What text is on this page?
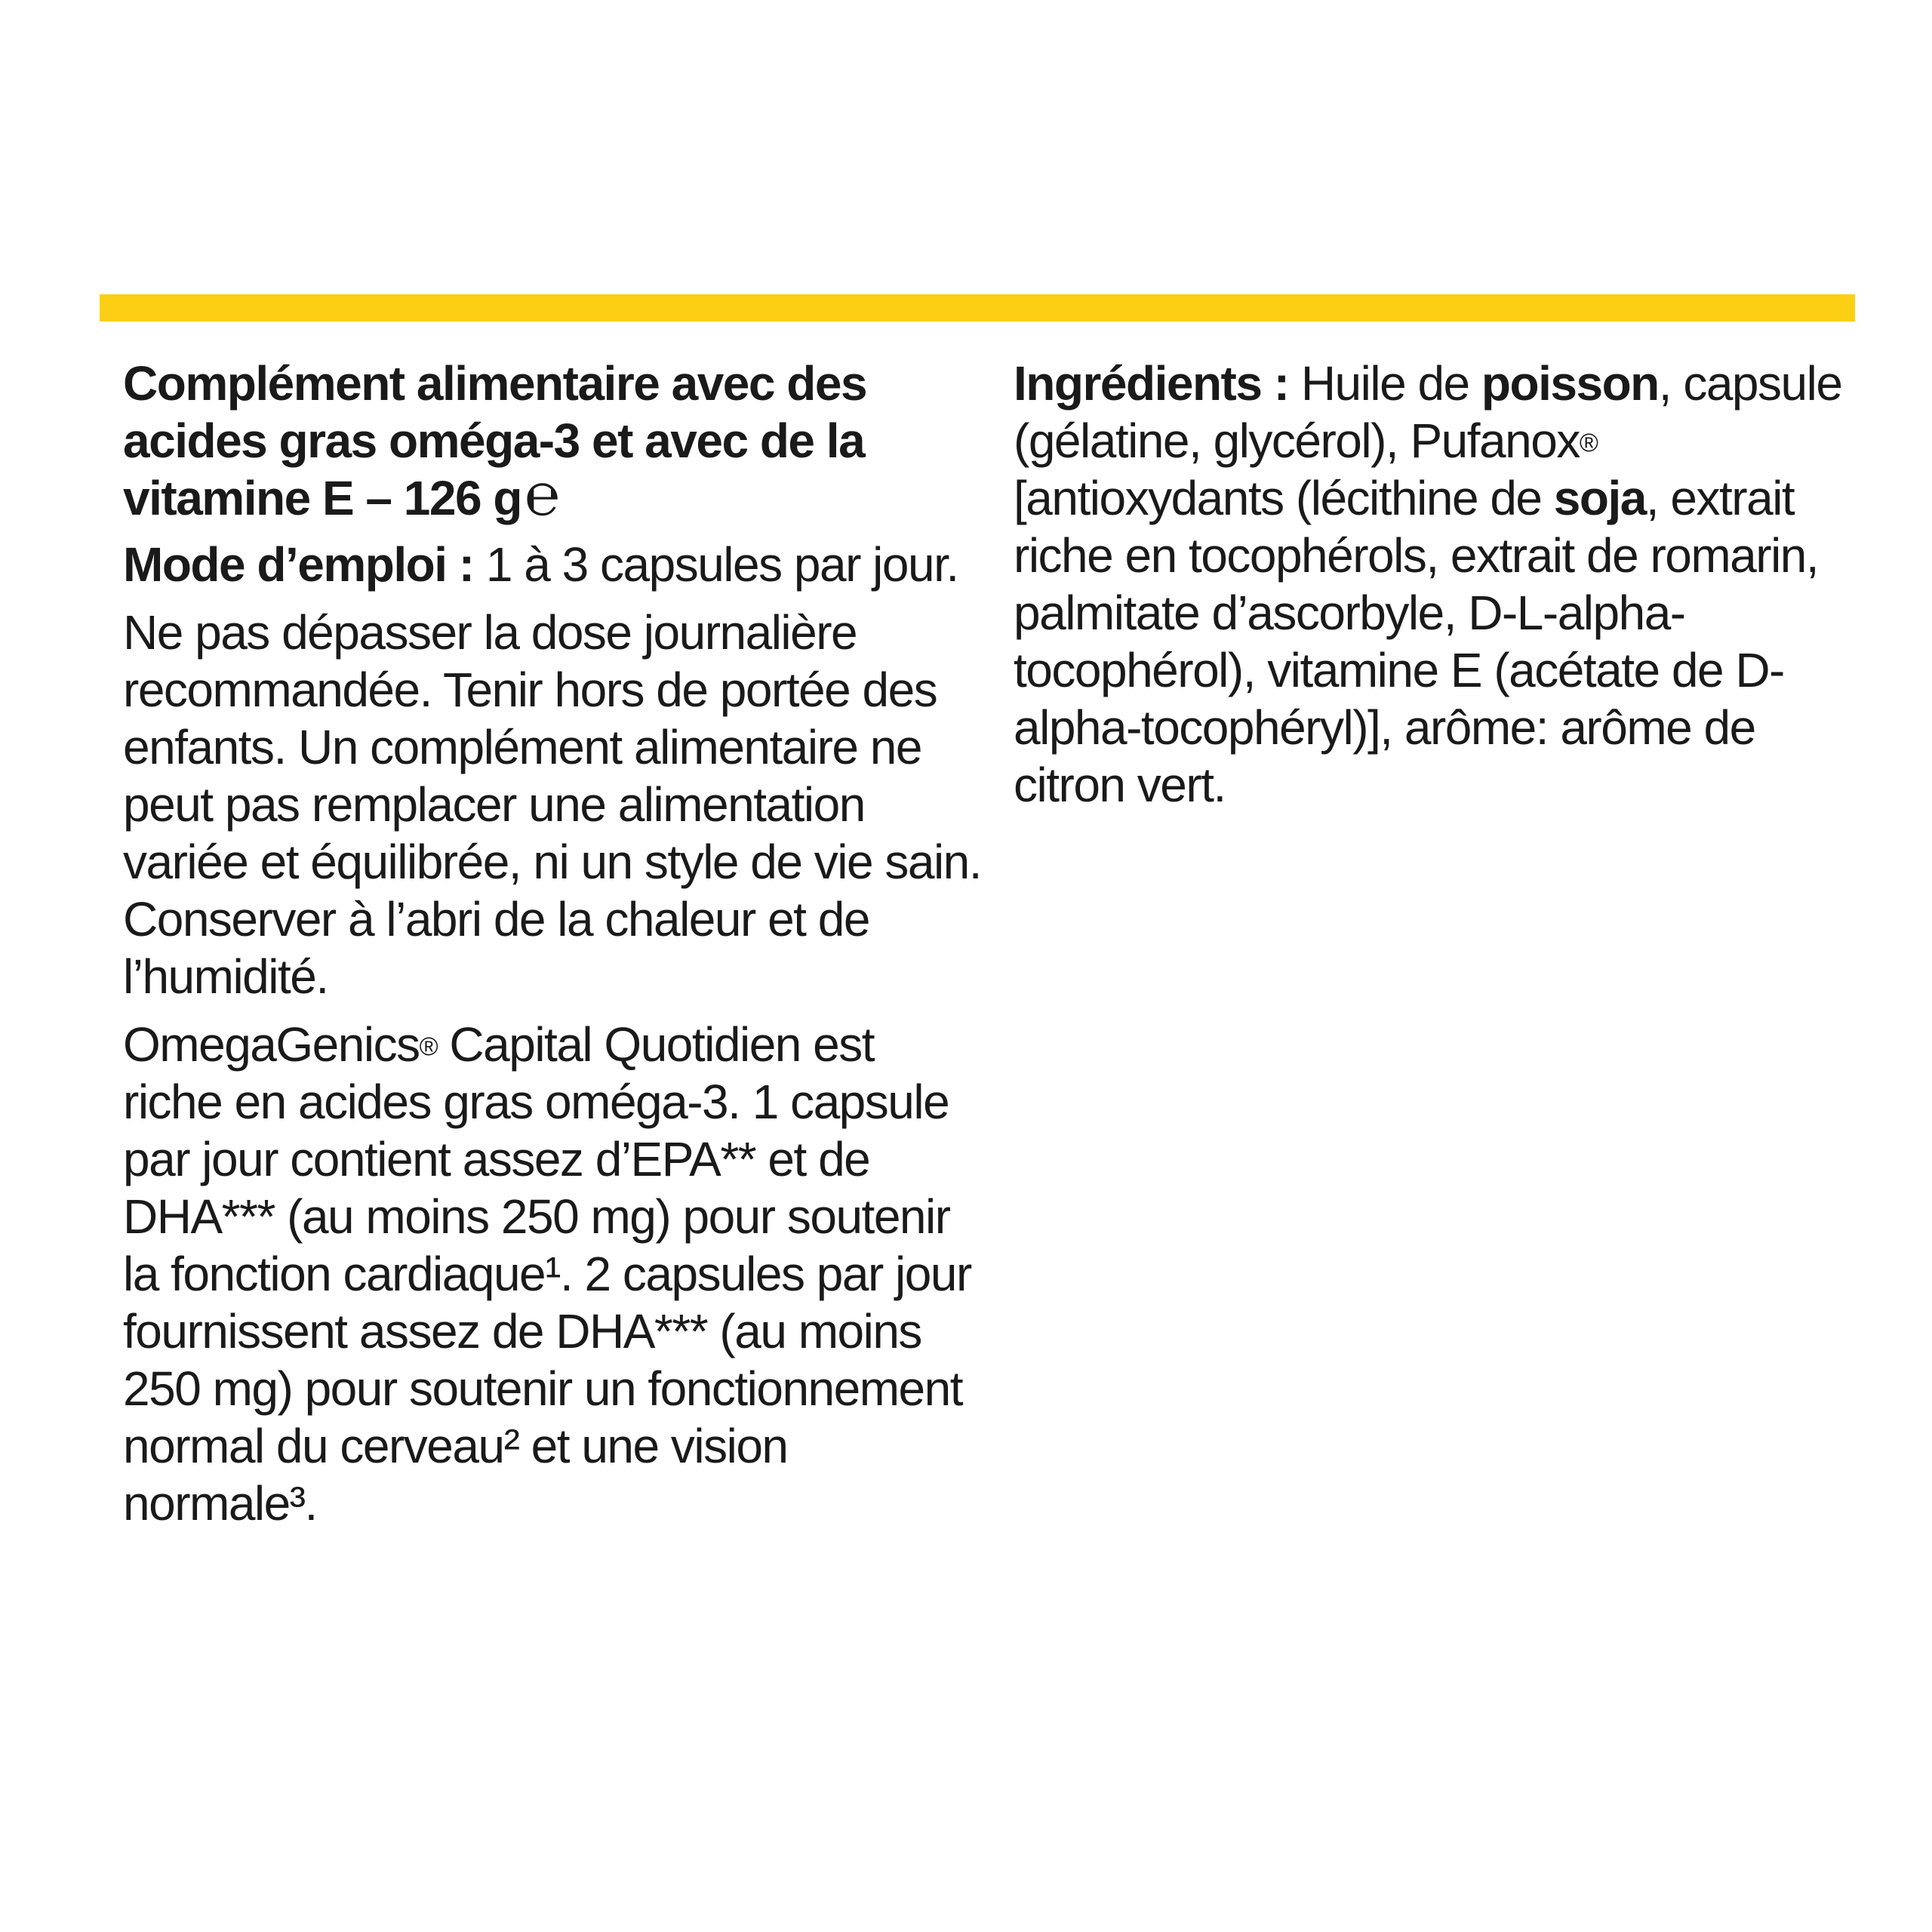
Complément alimentaire avec des acides gras oméga-3 et avec de la vitamine E – 126 g℮
Mode d’emploi : 1 à 3 capsules par jour.
Ne pas dépasser la dose journalière recommandée. Tenir hors de portée des enfants. Un complément alimentaire ne peut pas remplacer une alimentation variée et équilibrée, ni un style de vie sain. Conserver à l’abri de la chaleur et de l’humidité.
OmegaGenics® Capital Quotidien est riche en acides gras oméga-3. 1 capsule par jour contient assez d’EPA** et de DHA*** (au moins 250 mg) pour soutenir la fonction cardiaque¹. 2 capsules par jour fournissent assez de DHA*** (au moins 250 mg) pour soutenir un fonctionnement normal du cerveau² et une vision normale³.
Ingrédients : Huile de poisson, capsule (gélatine, glycérol), Pufanox® [antioxydants (lécithine de soja, extrait riche en tocophérols, extrait de romarin, palmitate d’ascorbyle, D-L-alpha-tocophérol), vitamine E (acétate de D-alpha-tocophéryl)], arôme: arôme de citron vert.
